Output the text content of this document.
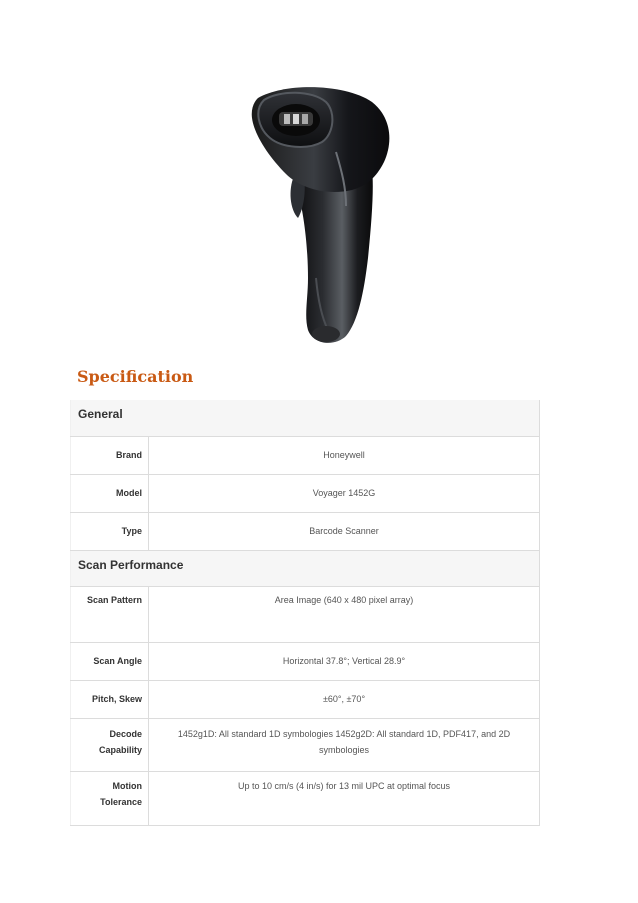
Specification
General	
Brand	Honeywell
Model	Voyager 1452G
Type	Barcode Scanner
Scan Performance	
Scan Pattern	Area Image (640 x 480 pixel array)
Scan Angle	Horizontal 37.8°; Vertical 28.9°
Pitch, Skew	±60°, ±70°
Decode Capability	1452g1D: All standard 1D symbologies 1452g2D: All standard 1D, PDF417, and 2D symbologies
Motion Tolerance	Up to 10 cm/s (4 in/s) for 13 mil UPC at optimal focus
